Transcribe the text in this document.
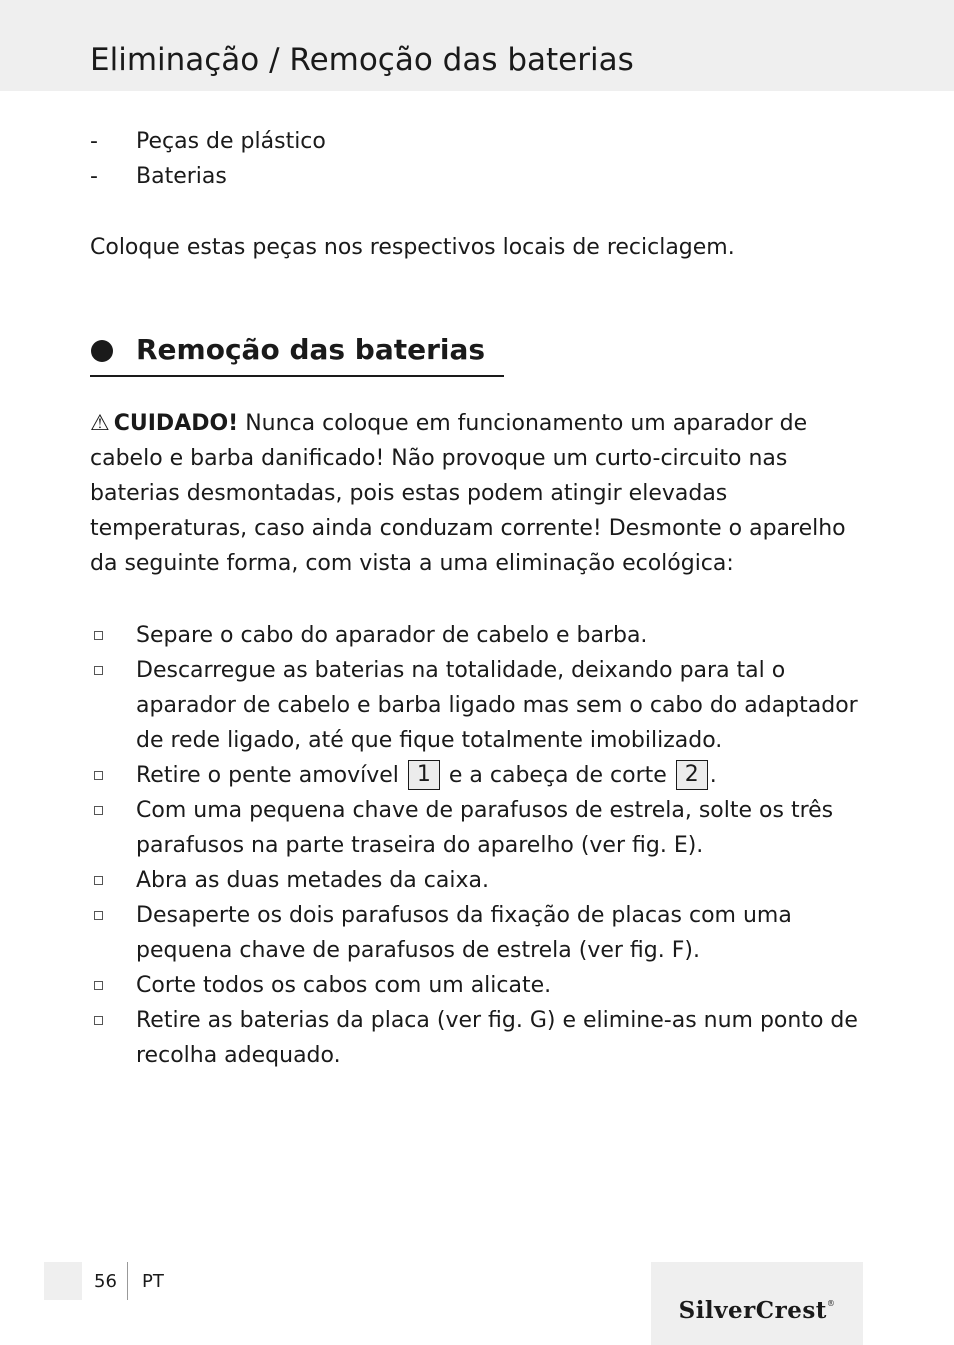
Eliminação / Remoção das baterias
- Peças de plástico
- Baterias

Coloque estas peças nos respectivos locais de reciclagem.

Remoção das baterias

⚠ CUIDADO! Nunca coloque em funcionamento um aparador de cabelo e barba danificado! Não provoque um curto-circuito nas baterias desmontadas, pois estas podem atingir elevadas temperaturas, caso ainda conduzam corrente! Desmonte o aparelho da seguinte forma, com vista a uma eliminação ecológica:

Separe o cabo do aparador de cabelo e barba.
Descarregue as baterias na totalidade, deixando para tal o aparador de cabelo e barba ligado mas sem o cabo do adaptador de rede ligado, até que fique totalmente imobilizado.
Retire o pente amovível 1 e a cabeça de corte 2 .
Com uma pequena chave de parafusos de estrela, solte os três parafusos na parte traseira do aparelho (ver fig. E).
Abra as duas metades da caixa.
Desaperte os dois parafusos da fixação de placas com uma pequena chave de parafusos de estrela (ver fig. F).
Corte todos os cabos com um alicate.
Retire as baterias da placa (ver fig. G) e elimine-as num ponto de recolha adequado.
56 PT
SilverCrest®
